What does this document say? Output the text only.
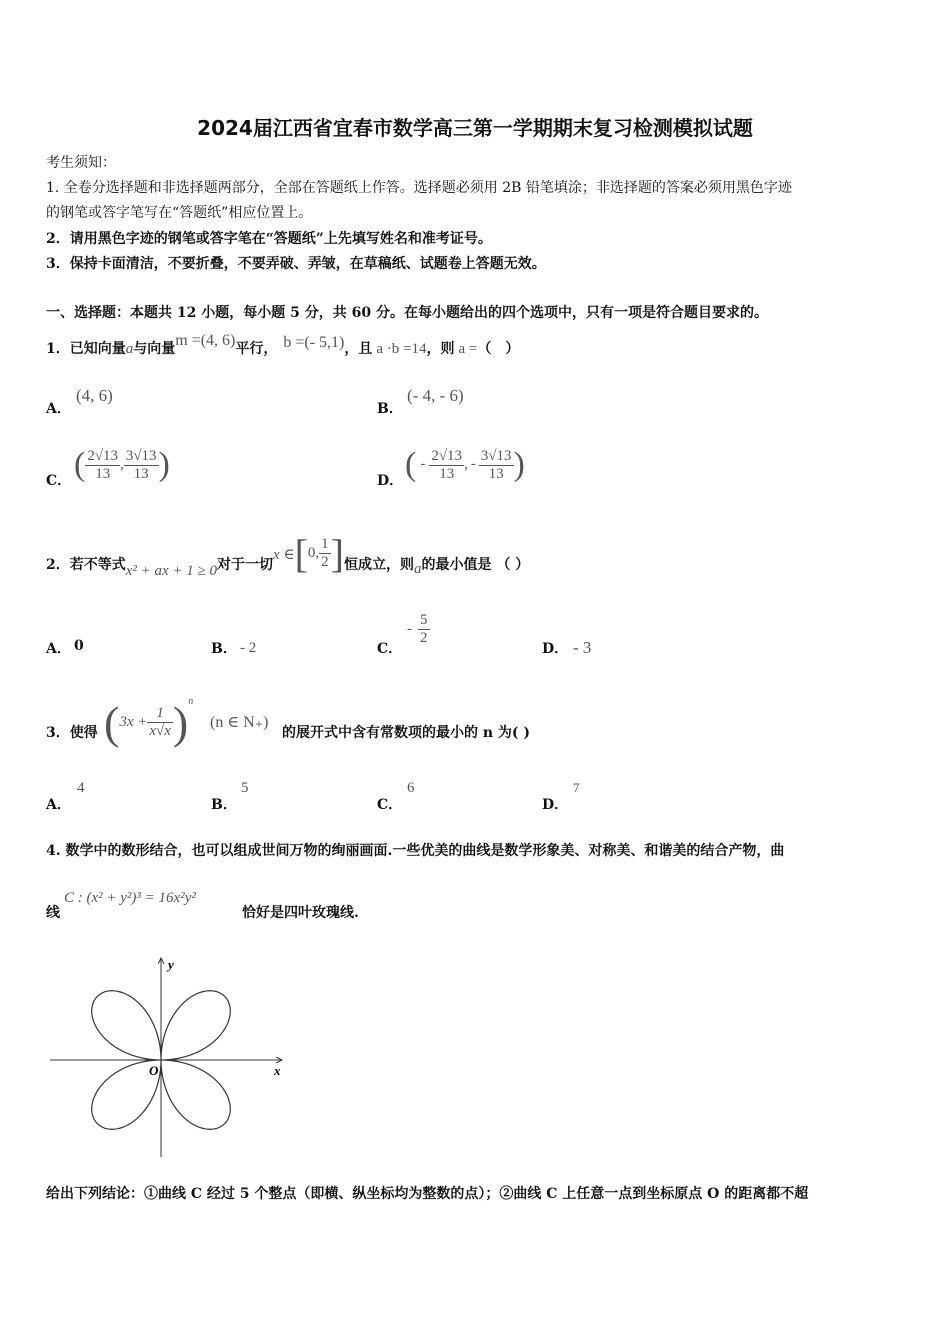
2024届江西省宜春市数学高三第一学期期末复习检测模拟试题
考生须知：
1. 全卷分选择题和非选择题两部分，全部在答题纸上作答。选择题必须用 2B 铅笔填涂；非选择题的答案必须用黑色字迹
的钢笔或答字笔写在“答题纸”相应位置上。
2．请用黑色字迹的钢笔或答字笔在“答题纸”上先填写姓名和准考证号。
3．保持卡面清洁，不要折叠，不要弄破、弄皱，在草稿纸、试题卷上答题无效。
一、选择题：本题共 12 小题，每小题 5 分，共 60 分。在每小题给出的四个选项中，只有一项是符合题目要求的。
1．已知向量a与向量m =(4, 6)平行， b =(- 5,1)，且 a ·b =14，则 a =（　）
A．
(4, 6)
B．
(- 4, - 6)
C． ( $\frac{2√13}{13}$ , $\frac{3√13}{13}$ )	D． ( - $\frac{2√13}{13}$ , - $\frac{3√13}{13}$ )
2．若不等式x² + ax + 1 ≥ 0对于一切x ∈[0, $\frac{1}{2}$ ]恒成立，则a的最小值是 （ ）
A． 0	B． - 2	C．
- $\frac{5}{2}$
D． - 3
3．使得 $(3x + \frac{1}{x√x} )^n$
(n ∈ N₊)
的展开式中含有常数项的最小的 n 为( )
A．
4
B．
5
C．
6
D．
7
4. 数学中的数形结合，也可以组成世间万物的绚丽画面.一些优美的曲线是数学形象美、对称美、和谐美的结合产物，曲
线
C : (x² + y²)³ = 16x²y²
恰好是四叶玫瑰线.
y
x
O
给出下列结论：①曲线 C 经过 5 个整点（即横、纵坐标均为整数的点）；②曲线 C 上任意一点到坐标原点 O 的距离都不超
